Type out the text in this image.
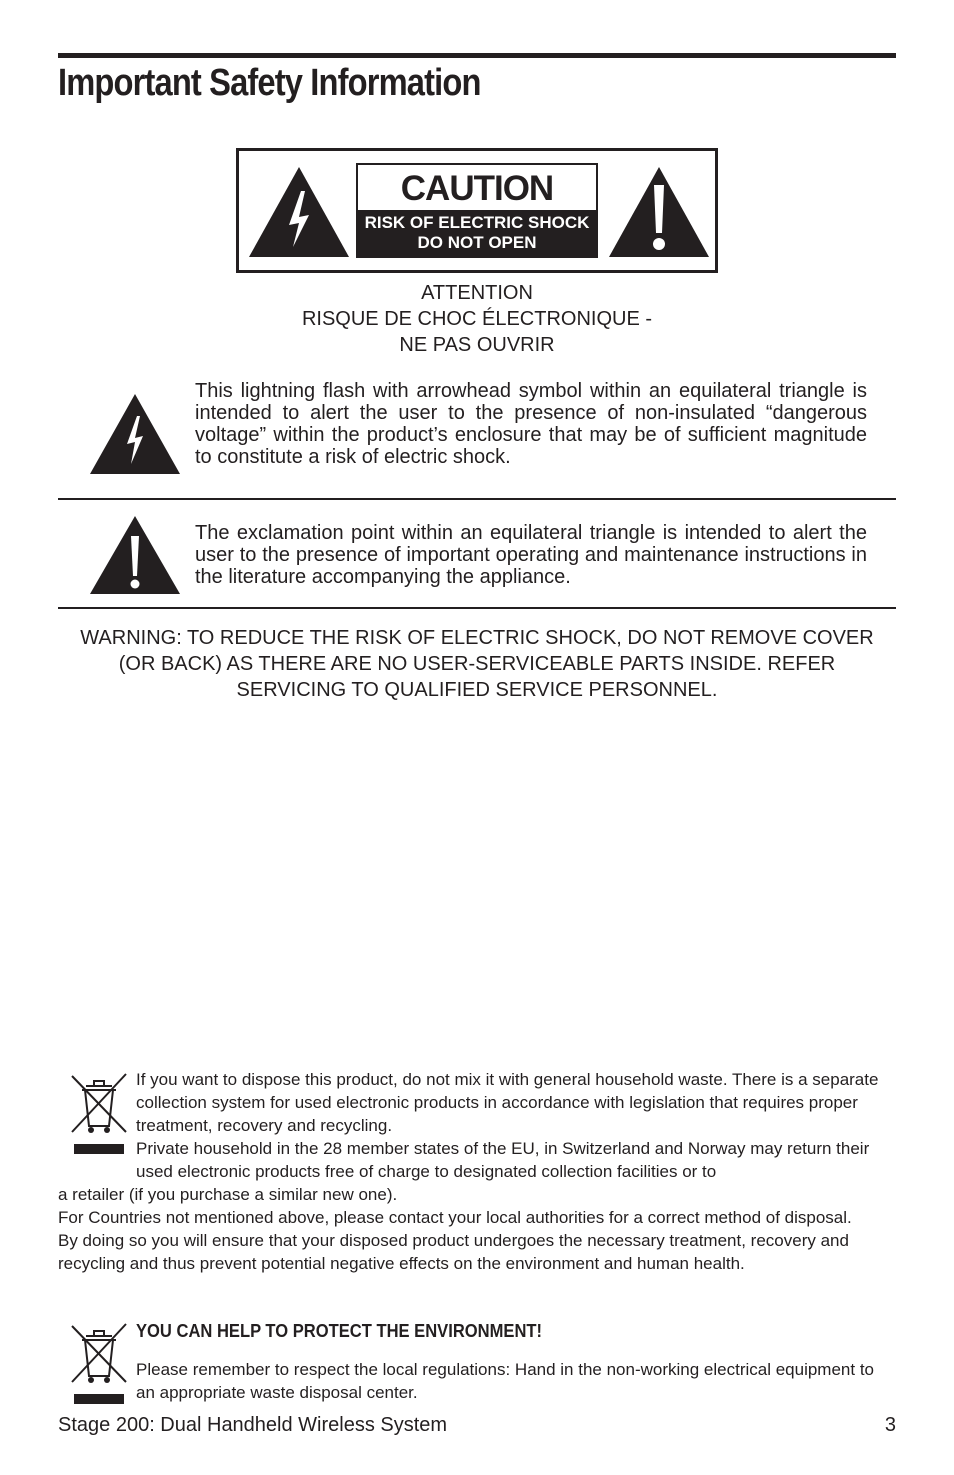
Important Safety Information
CAUTION
RISK OF ELECTRIC SHOCK
DO NOT OPEN
ATTENTION
RISQUE DE CHOC ÉLECTRONIQUE -
NE PAS OUVRIR

This lightning flash with arrowhead symbol within an equilateral triangle is intended to alert the user to the presence of non-insulated “dangerous voltage” within the product’s enclosure that may be of sufficient magnitude to constitute a risk of electric shock.

The exclamation point within an equilateral triangle is intended to alert the user to the presence of important operating and maintenance instructions in the literature accompanying the appliance.

WARNING: TO REDUCE THE RISK OF ELECTRIC SHOCK, DO NOT REMOVE COVER
(OR BACK) AS THERE ARE NO USER-SERVICEABLE PARTS INSIDE. REFER
SERVICING TO QUALIFIED SERVICE PERSONNEL.
If you want to dispose this product, do not mix it with general household waste. There is a separate collection system for used electronic products in accordance with legislation that requires proper treatment, recovery and recycling.
Private household in the 28 member states of the EU, in Switzerland and Norway may return their used electronic products free of charge to designated collection facilities or to
a retailer (if you purchase a similar new one).
For Countries not mentioned above, please contact your local authorities for a correct method of disposal.
By doing so you will ensure that your disposed product undergoes the necessary treatment, recovery and recycling and thus prevent potential negative effects on the environment and human health.
YOU CAN HELP TO PROTECT THE ENVIRONMENT!

Please remember to respect the local regulations: Hand in the non-working electrical equipment to an appropriate waste disposal center.

Stage 200: Dual Handheld Wireless System	3
